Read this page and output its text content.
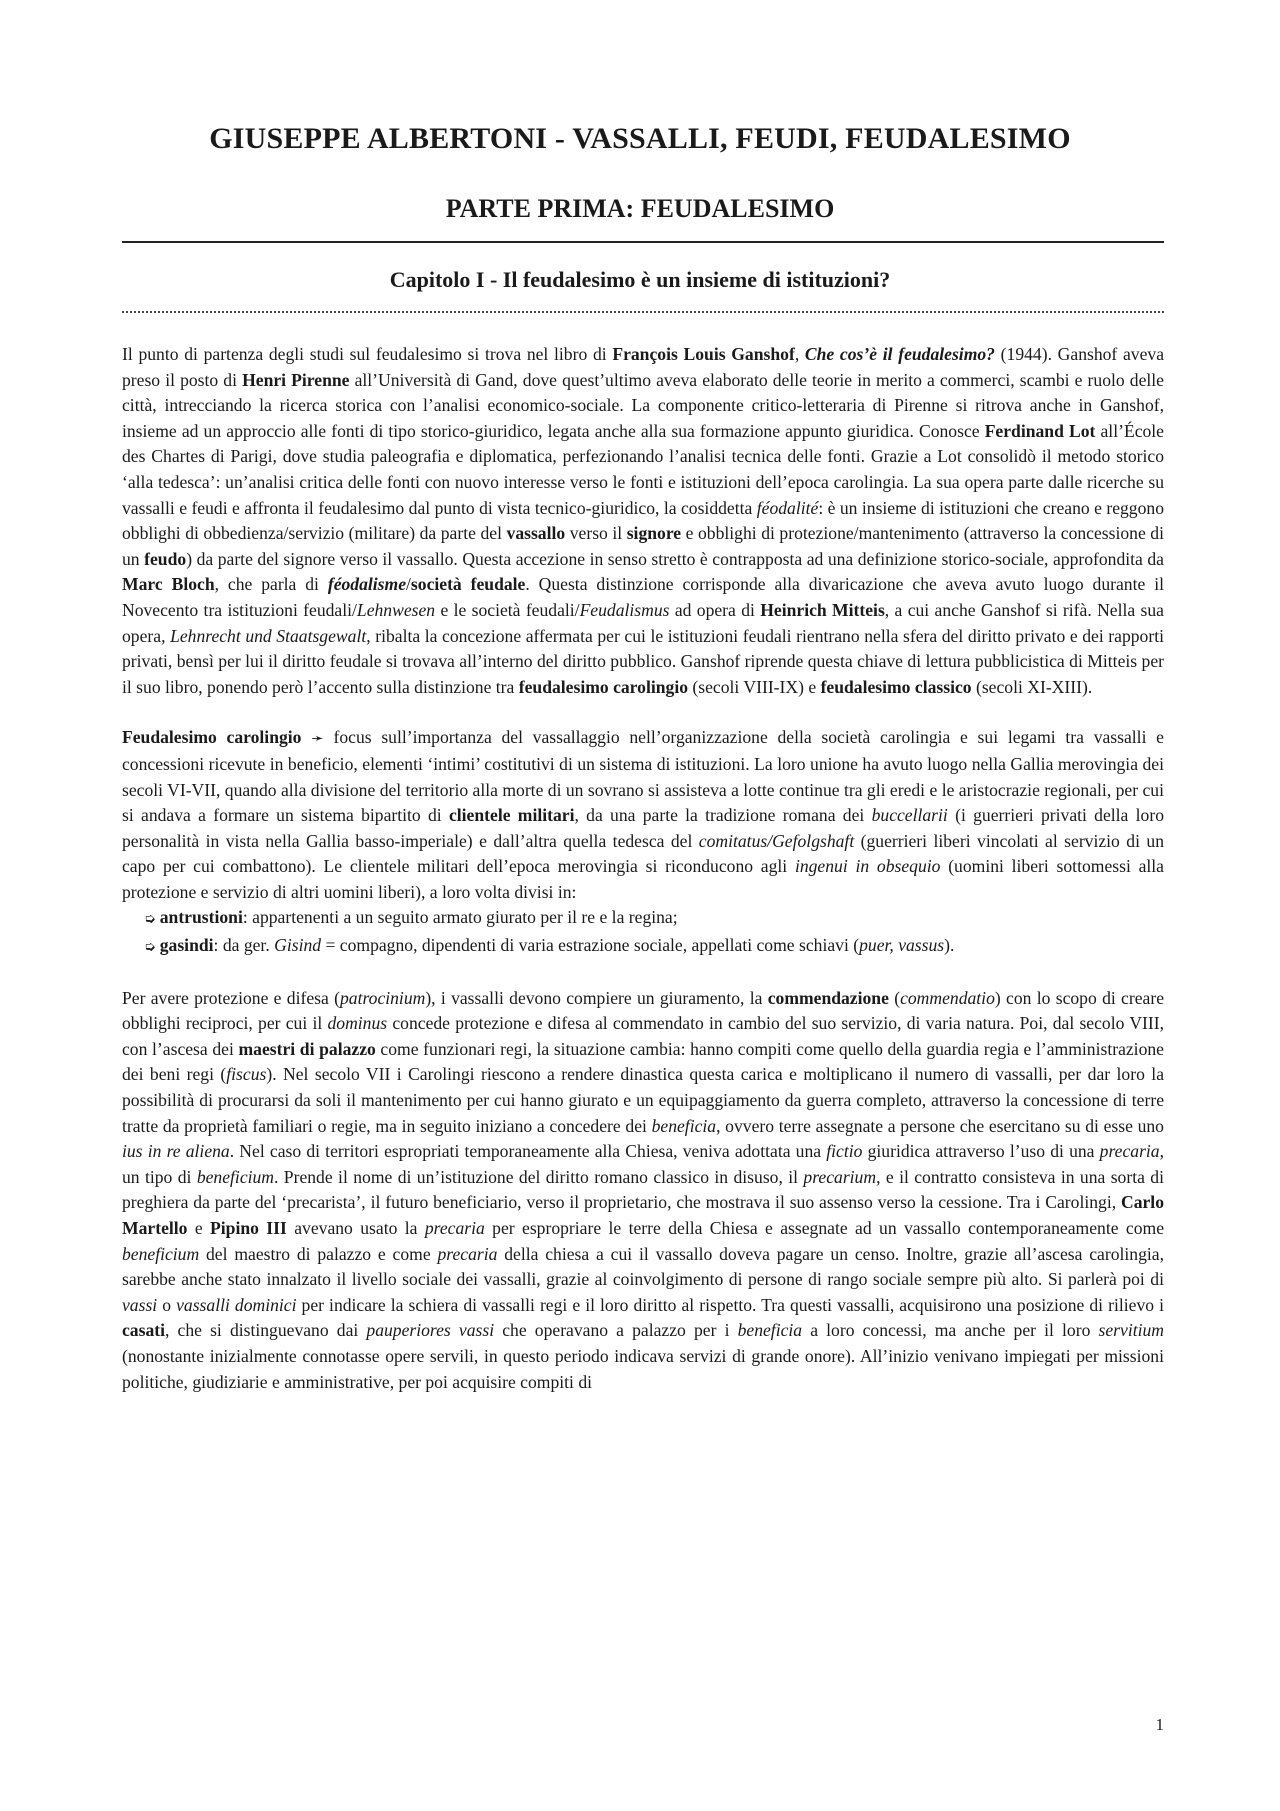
GIUSEPPE ALBERTONI - VASSALLI, FEUDI, FEUDALESIMO
PARTE PRIMA: FEUDALESIMO
Capitolo I - Il feudalesimo è un insieme di istituzioni?

Il punto di partenza degli studi sul feudalesimo si trova nel libro di François Louis Ganshof, Che cos’è il feudalesimo? (1944). Ganshof aveva preso il posto di Henri Pirenne all’Università di Gand, dove quest’ultimo aveva elaborato delle teorie in merito a commerci, scambi e ruolo delle città, intrecciando la ricerca storica con l’analisi economico-sociale. La componente critico-letteraria di Pirenne si ritrova anche in Ganshof, insieme ad un approccio alle fonti di tipo storico-giuridico, legata anche alla sua formazione appunto giuridica. Conosce Ferdinand Lot all’École des Chartes di Parigi, dove studia paleografia e diplomatica, perfezionando l’analisi tecnica delle fonti. Grazie a Lot consolidò il metodo storico ‘alla tedesca’: un’analisi critica delle fonti con nuovo interesse verso le fonti e istituzioni dell’epoca carolingia. La sua opera parte dalle ricerche su vassalli e feudi e affronta il feudalesimo dal punto di vista tecnico-giuridico, la cosiddetta féodalité: è un insieme di istituzioni che creano e reggono obblighi di obbedienza/servizio (militare) da parte del vassallo verso il signore e obblighi di protezione/mantenimento (attraverso la concessione di un feudo) da parte del signore verso il vassallo. Questa accezione in senso stretto è contrapposta ad una definizione storico-sociale, approfondita da Marc Bloch, che parla di féodalisme/società feudale. Questa distinzione corrisponde alla divaricazione che aveva avuto luogo durante il Novecento tra istituzioni feudali/Lehnwesen e le società feudali/Feudalismus ad opera di Heinrich Mitteis, a cui anche Ganshof si rifà. Nella sua opera, Lehnrecht und Staatsgewalt, ribalta la concezione affermata per cui le istituzioni feudali rientrano nella sfera del diritto privato e dei rapporti privati, bensì per lui il diritto feudale si trovava all’interno del diritto pubblico. Ganshof riprende questa chiave di lettura pubblicistica di Mitteis per il suo libro, ponendo però l’accento sulla distinzione tra feudalesimo carolingio (secoli VIII-IX) e feudalesimo classico (secoli XI-XIII).

Feudalesimo carolingio ➛ focus sull’importanza del vassallaggio nell’organizzazione della società carolingia e sui legami tra vassalli e concessioni ricevute in beneficio, elementi ‘intimi’ costitutivi di un sistema di istituzioni. La loro unione ha avuto luogo nella Gallia merovingia dei secoli VI-VII, quando alla divisione del territorio alla morte di un sovrano si assisteva a lotte continue tra gli eredi e le aristocrazie regionali, per cui si andava a formare un sistema bipartito di clientele militari, da una parte la tradizione romana dei buccellarii (i guerrieri privati della loro personalità in vista nella Gallia basso-imperiale) e dall’altra quella tedesca del comitatus/Gefolgshaft (guerrieri liberi vincolati al servizio di un capo per cui combattono). Le clientele militari dell’epoca merovingia si riconducono agli ingenui in obsequio (uomini liberi sottomessi alla protezione e servizio di altri uomini liberi), a loro volta divisi in:

➭ antrustioni: appartenenti a un seguito armato giurato per il re e la regina;
➭ gasindi: da ger. Gisind = compagno, dipendenti di varia estrazione sociale, appellati come schiavi (puer, vassus).

Per avere protezione e difesa (patrocinium), i vassalli devono compiere un giuramento, la commendazione (commendatio) con lo scopo di creare obblighi reciproci, per cui il dominus concede protezione e difesa al commendato in cambio del suo servizio, di varia natura. Poi, dal secolo VIII, con l’ascesa dei maestri di palazzo come funzionari regi, la situazione cambia: hanno compiti come quello della guardia regia e l’amministrazione dei beni regi (fiscus). Nel secolo VII i Carolingi riescono a rendere dinastica questa carica e moltiplicano il numero di vassalli, per dar loro la possibilità di procurarsi da soli il mantenimento per cui hanno giurato e un equipaggiamento da guerra completo, attraverso la concessione di terre tratte da proprietà familiari o regie, ma in seguito iniziano a concedere dei beneficia, ovvero terre assegnate a persone che esercitano su di esse uno ius in re aliena. Nel caso di territori espropriati temporaneamente alla Chiesa, veniva adottata una fictio giuridica attraverso l’uso di una precaria, un tipo di beneficium. Prende il nome di un’istituzione del diritto romano classico in disuso, il precarium, e il contratto consisteva in una sorta di preghiera da parte del ‘precarista’, il futuro beneficiario, verso il proprietario, che mostrava il suo assenso verso la cessione. Tra i Carolingi, Carlo Martello e Pipino III avevano usato la precaria per espropriare le terre della Chiesa e assegnate ad un vassallo contemporaneamente come beneficium del maestro di palazzo e come precaria della chiesa a cui il vassallo doveva pagare un censo. Inoltre, grazie all’ascesa carolingia, sarebbe anche stato innalzato il livello sociale dei vassalli, grazie al coinvolgimento di persone di rango sociale sempre più alto. Si parlerà poi di vassi o vassalli dominici per indicare la schiera di vassalli regi e il loro diritto al rispetto. Tra questi vassalli, acquisirono una posizione di rilievo i casati, che si distinguevano dai pauperiores vassi che operavano a palazzo per i beneficia a loro concessi, ma anche per il loro servitium (nonostante inizialmente connotasse opere servili, in questo periodo indicava servizi di grande onore). All’inizio venivano impiegati per missioni politiche, giudiziarie e amministrative, per poi acquisire compiti di

1
